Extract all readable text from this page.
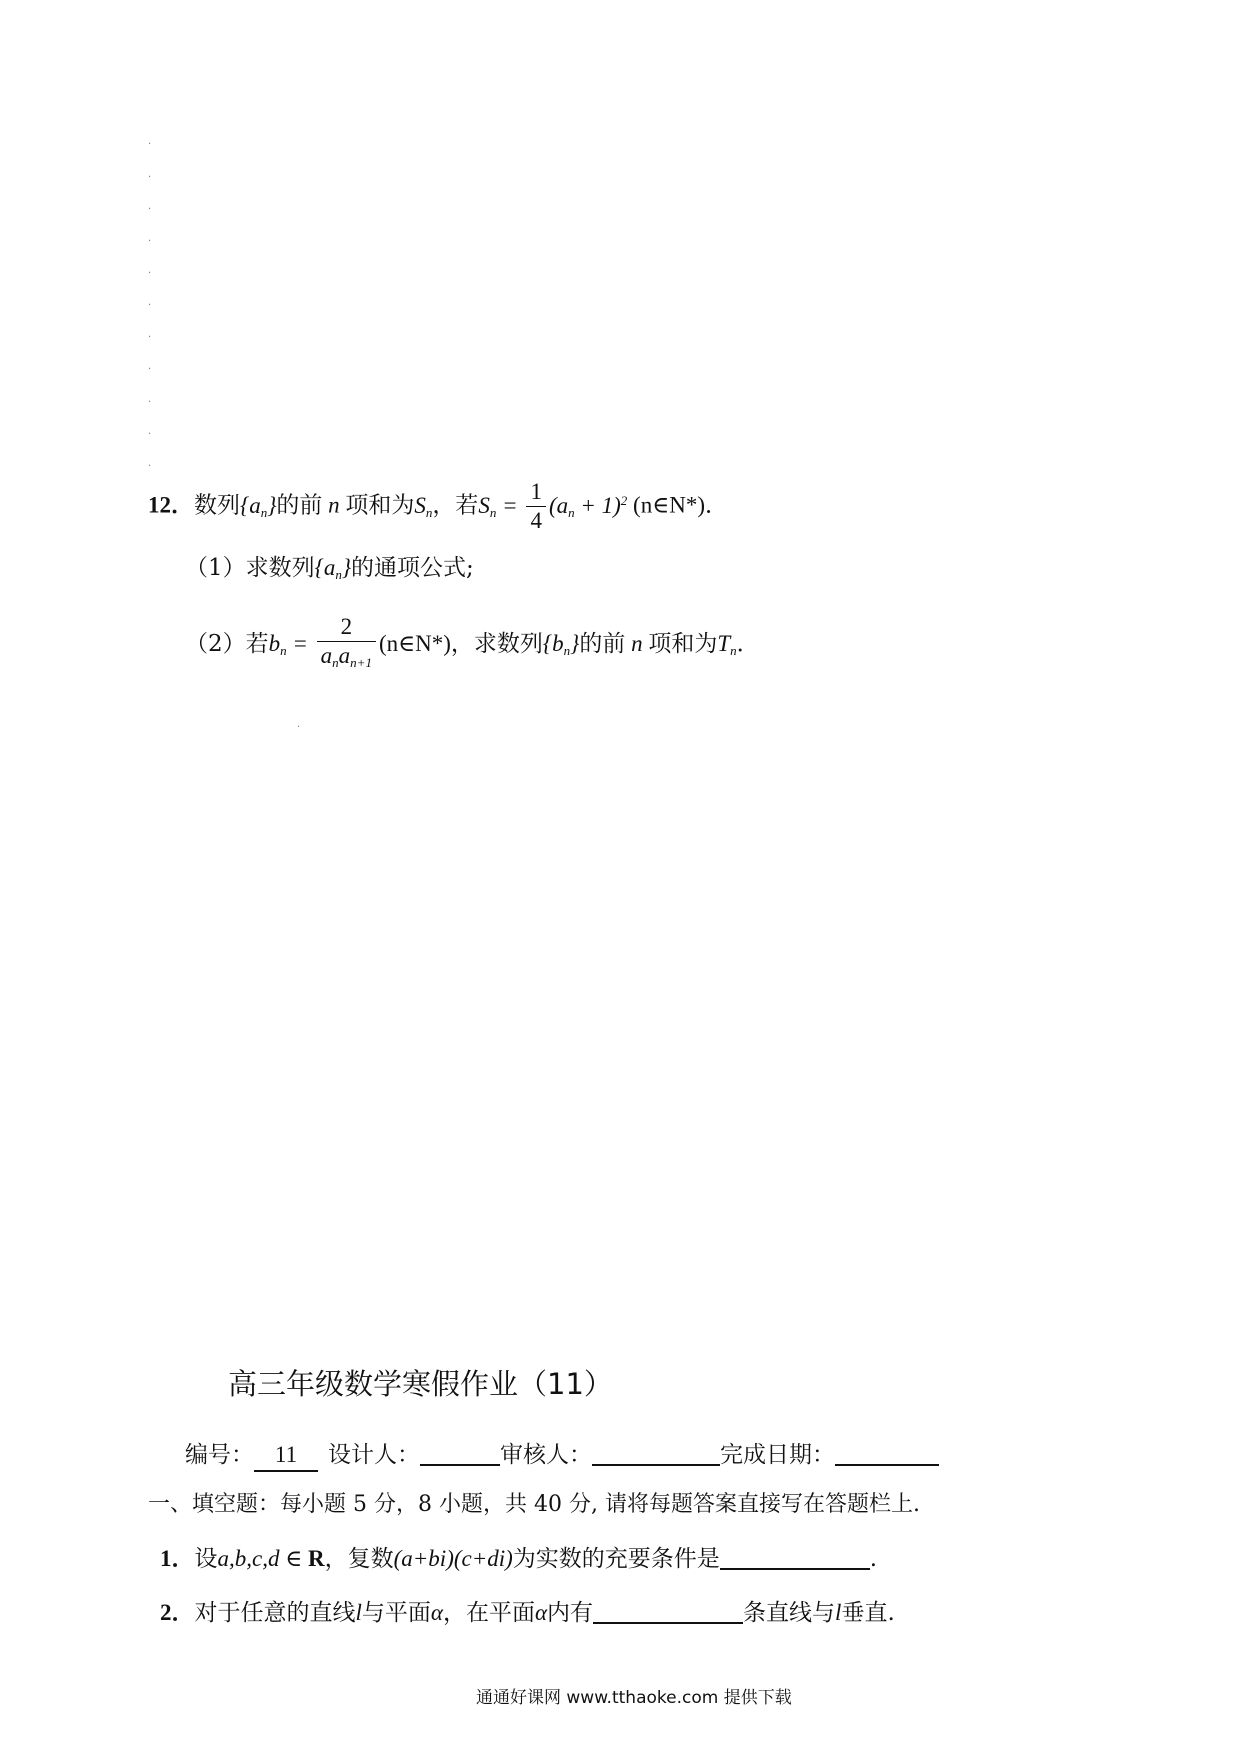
.
.
.
.
.
.
.
.
.
.
.
.
12．数列$\{a_n\}$的前 n 项和为$S_n$，若$S_n = \frac{1}{4} (a_n + 1)^2$ (n∈N*)．
（1）求数列$\{a_n\}$的通项公式;
（2）若$b_n = \frac{2}{a_na_{n+1}}$ (n∈N*)，求数列$\{b_n\}$的前 n 项和为$T_n$．
高三年级数学寒假作业（11）
编号： 11 设计人：	审核人：	完成日期：
一、填空题：每小题 5 分，8 小题，共 40 分, 请将每题答案直接写在答题栏上.
1．设a,b,c,d ∈ R，复数(a+bi)(c+di)为实数的充要条件是	.
2．对于任意的直线l与平面α，在平面α内有	条直线与l垂直.
通通好课网 www.tthaoke.com 提供下载
